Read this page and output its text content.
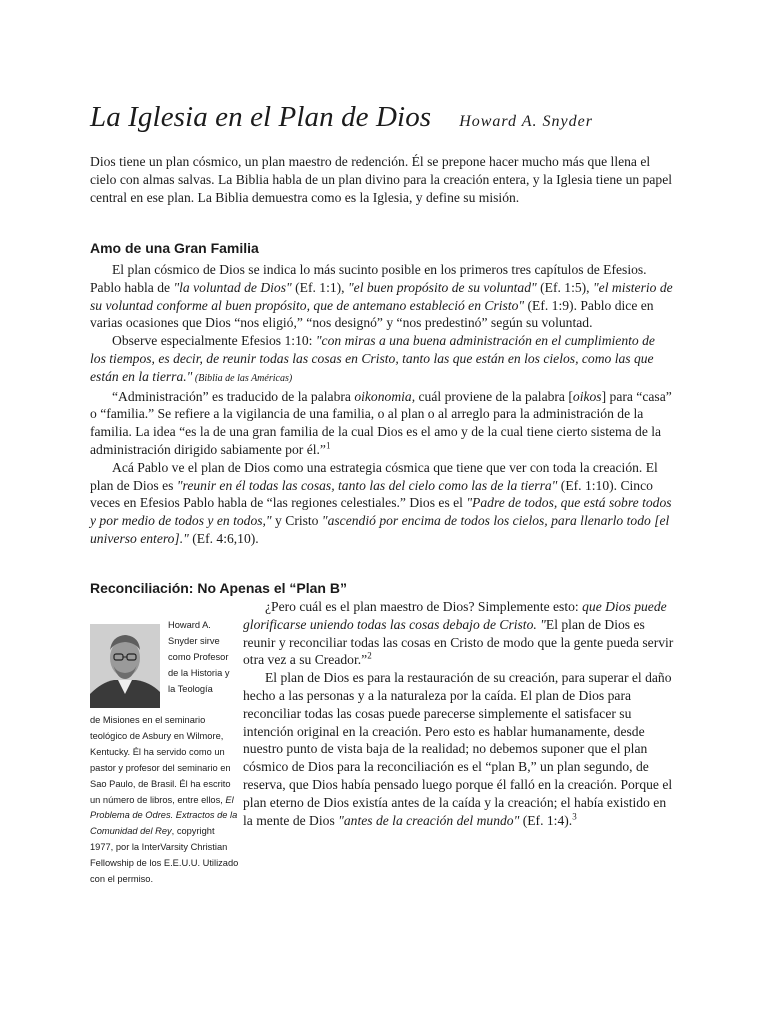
La Iglesia en el Plan de Dios Howard A. Snyder

Dios tiene un plan cósmico, un plan maestro de redención. Él se prepone hacer mucho más que llena el cielo con almas salvas. La Biblia habla de un plan divino para la creación entera, y la Iglesia tiene un papel central en ese plan. La Biblia demuestra como es la Iglesia, y define su misión.

Amo de una Gran Familia

El plan cósmico de Dios se indica lo más sucinto posible en los primeros tres capítulos de Efesios. Pablo habla de "la voluntad de Dios" (Ef. 1:1), "el buen propósito de su voluntad" (Ef. 1:5), "el misterio de su voluntad conforme al buen propósito, que de antemano estableció en Cristo" (Ef. 1:9). Pablo dice en varias ocasiones que Dios “nos eligió,” “nos designó” y “nos predestinó” según su voluntad.

Observe especialmente Efesios 1:10: "con miras a una buena administración en el cumplimiento de los tiempos, es decir, de reunir todas las cosas en Cristo, tanto las que están en los cielos, como las que están en la tierra." (Biblia de las Américas)

“Administración” es traducido de la palabra oikonomia, cuál proviene de la palabra [oikos] para “casa” o “familia.” Se refiere a la vigilancia de una familia, o al plan o al arreglo para la administración de la familia. La idea “es la de una gran familia de la cual Dios es el amo y de la cual tiene cierto sistema de la administración dirigido sabiamente por él.”$^1$

Acá Pablo ve el plan de Dios como una estrategia cósmica que tiene que ver con toda la creación. El plan de Dios es "reunir en él todas las cosas, tanto las del cielo como las de la tierra" (Ef. 1:10). Cinco veces en Efesios Pablo habla de “las regiones celestiales.” Dios es el "Padre de todos, que está sobre todos y por medio de todos y en todos," y Cristo "ascendió por encima de todos los cielos, para llenarlo todo [el universo entero]." (Ef. 4:6,10).

Reconciliación: No Apenas el “Plan B”
Howard A. Snyder sirve como Profesor de la Historia y la Teología
de Misiones en el seminario teológico de Asbury en Wilmore, Kentucky. Él ha servido como un pastor y profesor del seminario en Sao Paulo, de Brasil. Él ha escrito un número de libros, entre ellos, El Problema de Odres. Extractos de la Comunidad del Rey, copyright 1977, por la InterVarsity Christian Fellowship de los E.E.U.U. Utilizado con el permiso.

¿Pero cuál es el plan maestro de Dios? Simplemente esto: que Dios puede glorificarse uniendo todas las cosas debajo de Cristo. "El plan de Dios es reunir y reconciliar todas las cosas en Cristo de modo que la gente pueda servir otra vez a su Creador.”$^2$

El plan de Dios es para la restauración de su creación, para superar el daño hecho a las personas y a la naturaleza por la caída. El plan de Dios para reconciliar todas las cosas puede parecerse simplemente el satisfacer su intención original en la creación. Pero esto es hablar humanamente, desde nuestro punto de vista baja de la realidad; no debemos suponer que el plan cósmico de Dios para la reconciliación es el “plan B,” un plan segundo, de reserva, que Dios había pensado luego porque él falló en la creación. Porque el plan eterno de Dios existía antes de la caída y la creación; el había existido en la mente de Dios "antes de la creación del mundo" (Ef. 1:4).$^3$
